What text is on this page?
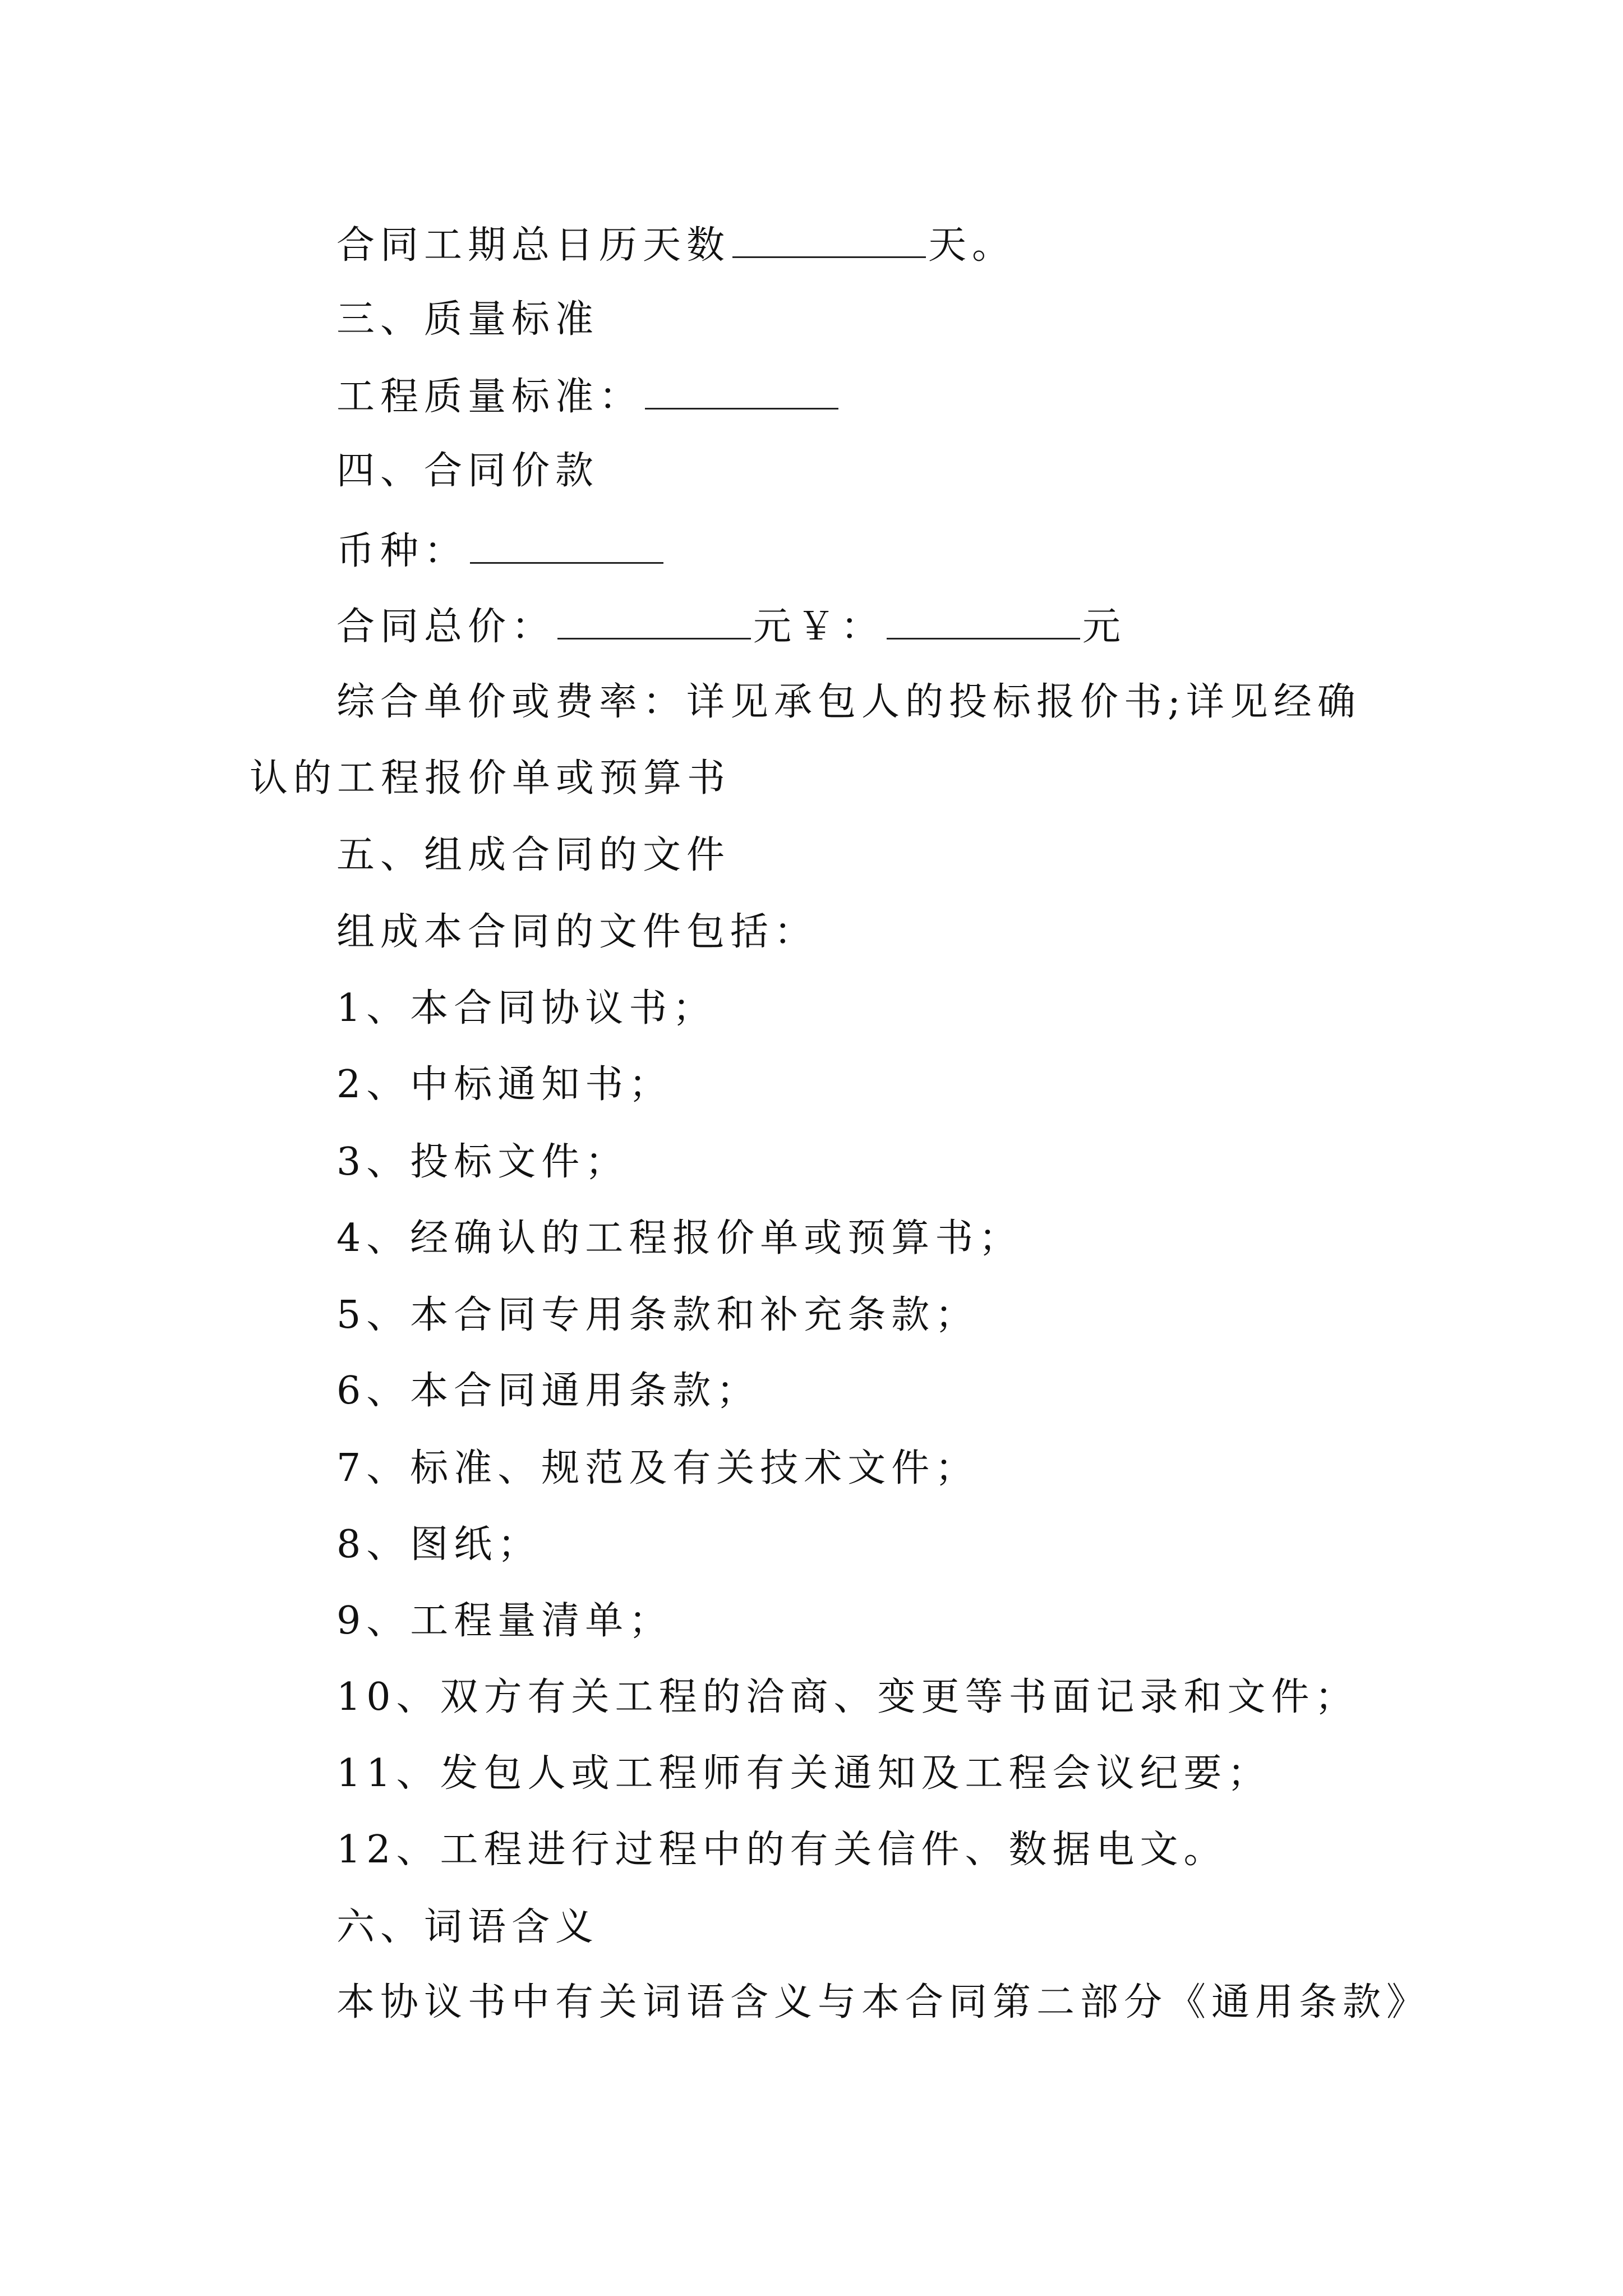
合同工期总日历天数	天。
三、质量标准
工程质量标准：
四、合同价款
币种：
合同总价：	元￥：	元
综合单价或费率：详见承包人的投标报价书;详见经确
认的工程报价单或预算书
五、组成合同的文件
组成本合同的文件包括：
1、本合同协议书；
2、中标通知书；
3、投标文件；
4、经确认的工程报价单或预算书；
5、本合同专用条款和补充条款；
6、本合同通用条款；
7、标准、规范及有关技术文件；
8、图纸；
9、工程量清单；
10、双方有关工程的洽商、变更等书面记录和文件；
11、发包人或工程师有关通知及工程会议纪要；
12、工程进行过程中的有关信件、数据电文。
六、词语含义
本协议书中有关词语含义与本合同第二部分《通用条款》
